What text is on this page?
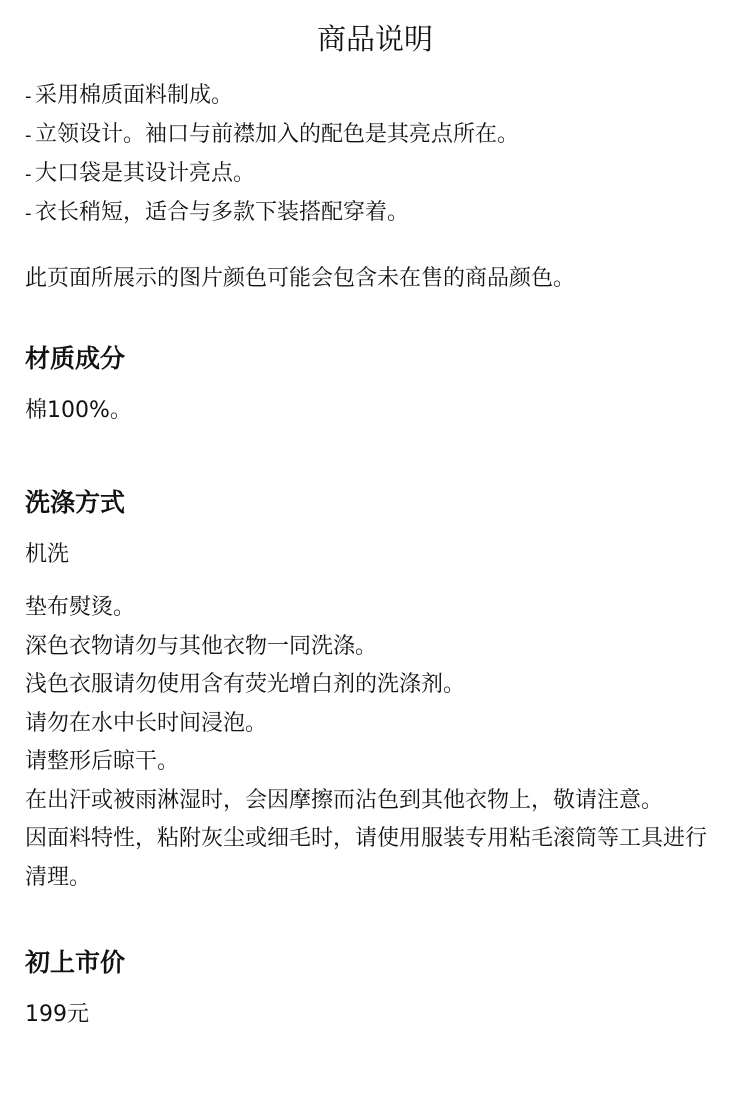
商品说明
- 采用棉质面料制成。
- 立领设计。袖口与前襟加入的配色是其亮点所在。
- 大口袋是其设计亮点。
- 衣长稍短，适合与多款下装搭配穿着。

此页面所展示的图片颜色可能会包含未在售的商品颜色。

材质成分

棉100%。

洗涤方式

机洗

垫布熨烫。
深色衣物请勿与其他衣物一同洗涤。
浅色衣服请勿使用含有荧光增白剂的洗涤剂。
请勿在水中长时间浸泡。
请整形后晾干。
在出汗或被雨淋湿时，会因摩擦而沾色到其他衣物上，敬请注意。
因面料特性，粘附灰尘或细毛时，请使用服装专用粘毛滚筒等工具进行清理。
初上市价

199元
